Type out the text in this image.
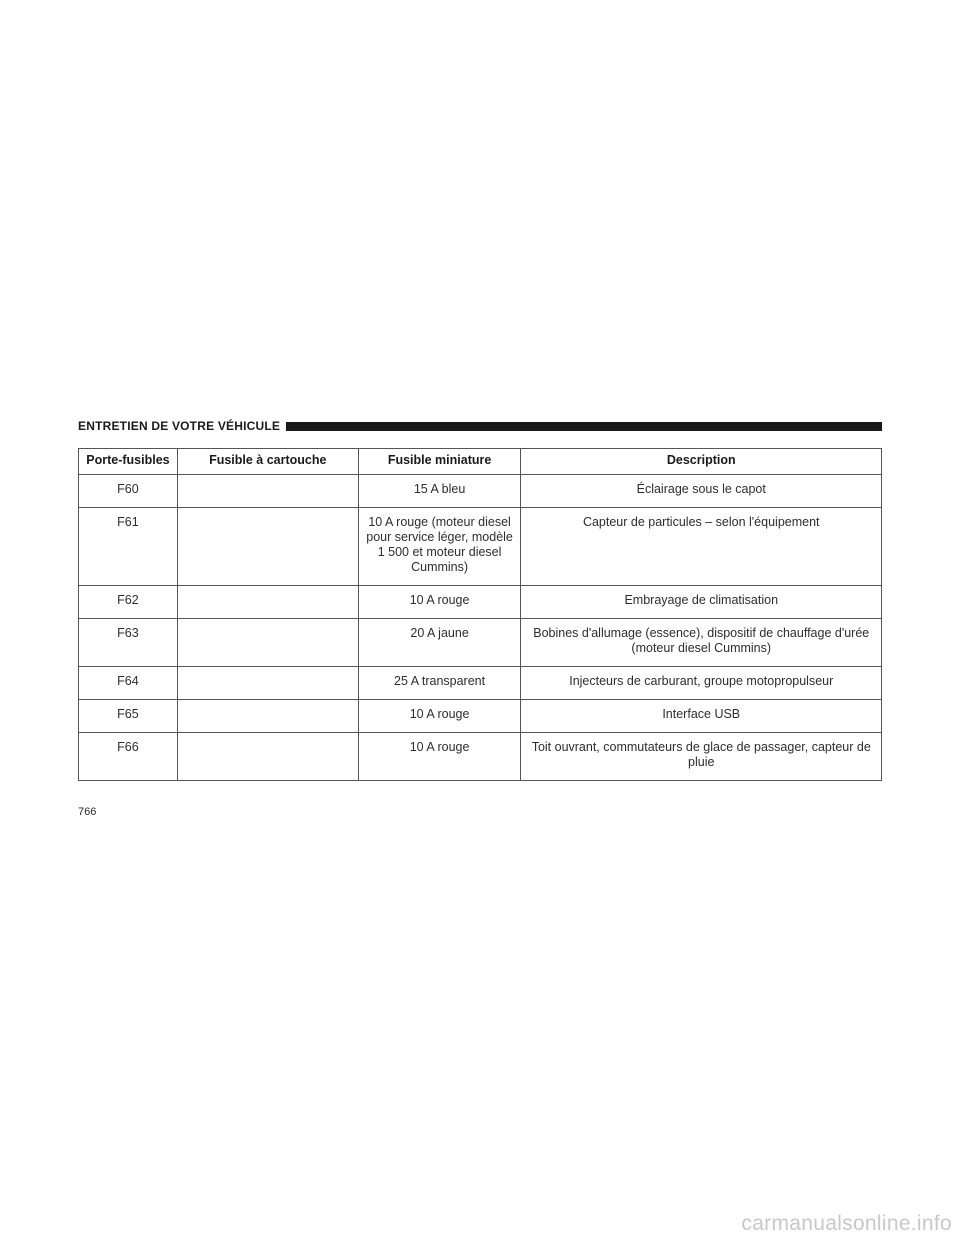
ENTRETIEN DE VOTRE VÉHICULE
Porte-fusibles	Fusible à cartouche	Fusible miniature	Description
F60		15 A bleu	Éclairage sous le capot
F61		10 A rouge (moteur diesel pour service léger, modèle 1 500 et moteur diesel Cummins)	Capteur de particules – selon l'équipement
F62		10 A rouge	Embrayage de climatisation
F63		20 A jaune	Bobines d'allumage (essence), dispositif de chauffage d'urée (moteur diesel Cummins)
F64		25 A transparent	Injecteurs de carburant, groupe motopropulseur
F65		10 A rouge	Interface USB
F66		10 A rouge	Toit ouvrant, commutateurs de glace de passager, capteur de pluie
766
carmanualsonline.info
